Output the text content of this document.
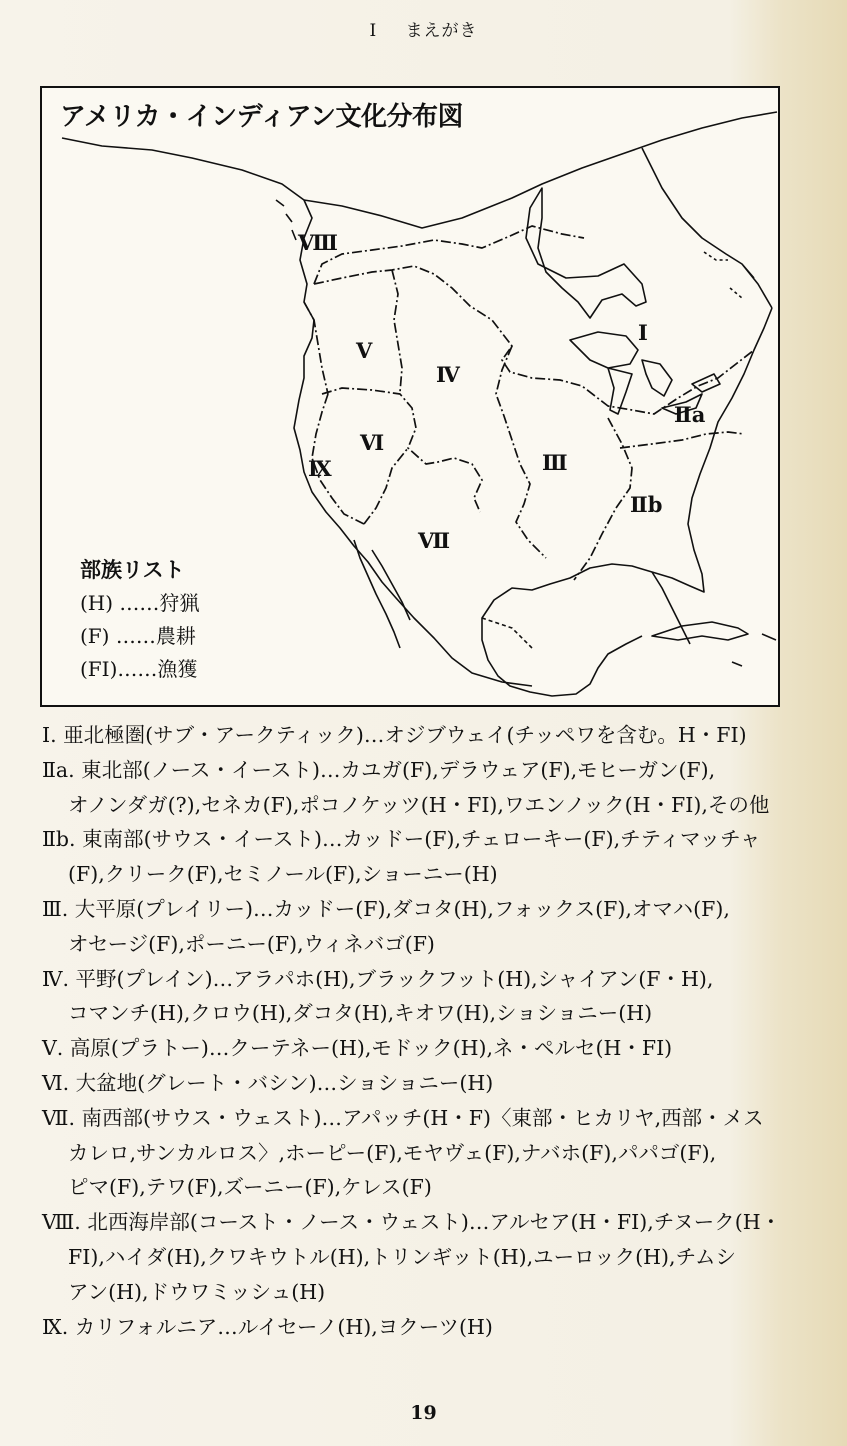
I まえがき
アメリカ・インディアン文化分布図
Ⅰ
Ⅱa
Ⅱb
Ⅲ
Ⅳ
Ⅴ
Ⅵ
Ⅶ
Ⅷ
Ⅸ
部族リスト
(H) ……狩猟
(F) ……農耕
(FI)……漁獲
Ⅰ. 亜北極圏(サブ・アークティック)…オジブウェイ(チッペワを含む。H・FI)
Ⅱa. 東北部(ノース・イースト)…カユガ(F),デラウェア(F),モヒーガン(F),
オノンダガ(?),セネカ(F),ポコノケッツ(H・FI),ワエンノック(H・FI),その他
Ⅱb. 東南部(サウス・イースト)…カッドー(F),チェローキー(F),チティマッチャ
(F),クリーク(F),セミノール(F),ショーニー(H)
Ⅲ. 大平原(プレイリー)…カッドー(F),ダコタ(H),フォックス(F),オマハ(F),
オセージ(F),ポーニー(F),ウィネバゴ(F)
Ⅳ. 平野(プレイン)…アラパホ(H),ブラックフット(H),シャイアン(F・H),
コマンチ(H),クロウ(H),ダコタ(H),キオワ(H),ショショニー(H)
Ⅴ. 高原(プラトー)…クーテネー(H),モドック(H),ネ・ペルセ(H・FI)
Ⅵ. 大盆地(グレート・バシン)…ショショニー(H)
Ⅶ. 南西部(サウス・ウェスト)…アパッチ(H・F)〈東部・ヒカリヤ,西部・メス
カレロ,サンカルロス〉,ホーピー(F),モヤヴェ(F),ナバホ(F),パパゴ(F),
ピマ(F),テワ(F),ズーニー(F),ケレス(F)
Ⅷ. 北西海岸部(コースト・ノース・ウェスト)…アルセア(H・FI),チヌーク(H・
FI),ハイダ(H),クワキウトル(H),トリンギット(H),ユーロック(H),チムシ
アン(H),ドウワミッシュ(H)
Ⅸ. カリフォルニア…ルイセーノ(H),ヨクーツ(H)
19
